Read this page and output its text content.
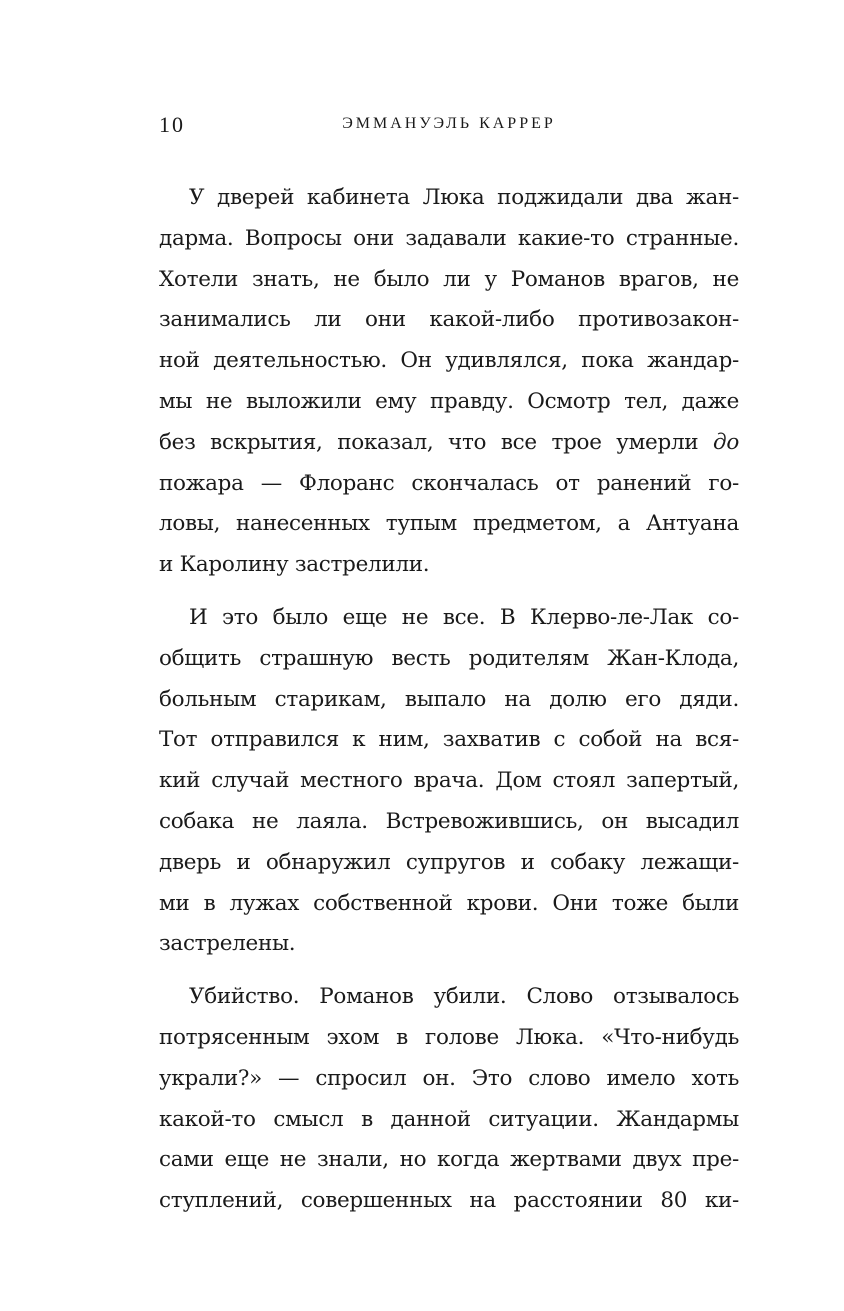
10	ЭММАНУЭЛЬ КАРРЕР
У дверей кабинета Люка поджидали два жан-
дарма. Вопросы они задавали какие-то странные.
Хотели знать, не было ли у Романов врагов, не
занимались ли они какой-либо противозакон-
ной деятельностью. Он удивлялся, пока жандар-
мы не выложили ему правду. Осмотр тел, даже
без вскрытия, показал, что все трое умерли до
пожара — Флоранс скончалась от ранений го-
ловы, нанесенных тупым предметом, а Антуана
и Каролину застрелили.
И это было еще не все. В Клерво-ле-Лак со-
общить страшную весть родителям Жан-Клода,
больным старикам, выпало на долю его дяди.
Тот отправился к ним, захватив с собой на вся-
кий случай местного врача. Дом стоял запертый,
собака не лаяла. Встревожившись, он высадил
дверь и обнаружил супругов и собаку лежащи-
ми в лужах собственной крови. Они тоже были
застрелены.
Убийство. Романов убили. Слово отзывалось
потрясенным эхом в голове Люка. «Что-нибудь
украли?» — спросил он. Это слово имело хоть
какой-то смысл в данной ситуации. Жандармы
сами еще не знали, но когда жертвами двух пре-
ступлений, совершенных на расстоянии 80 ки-
